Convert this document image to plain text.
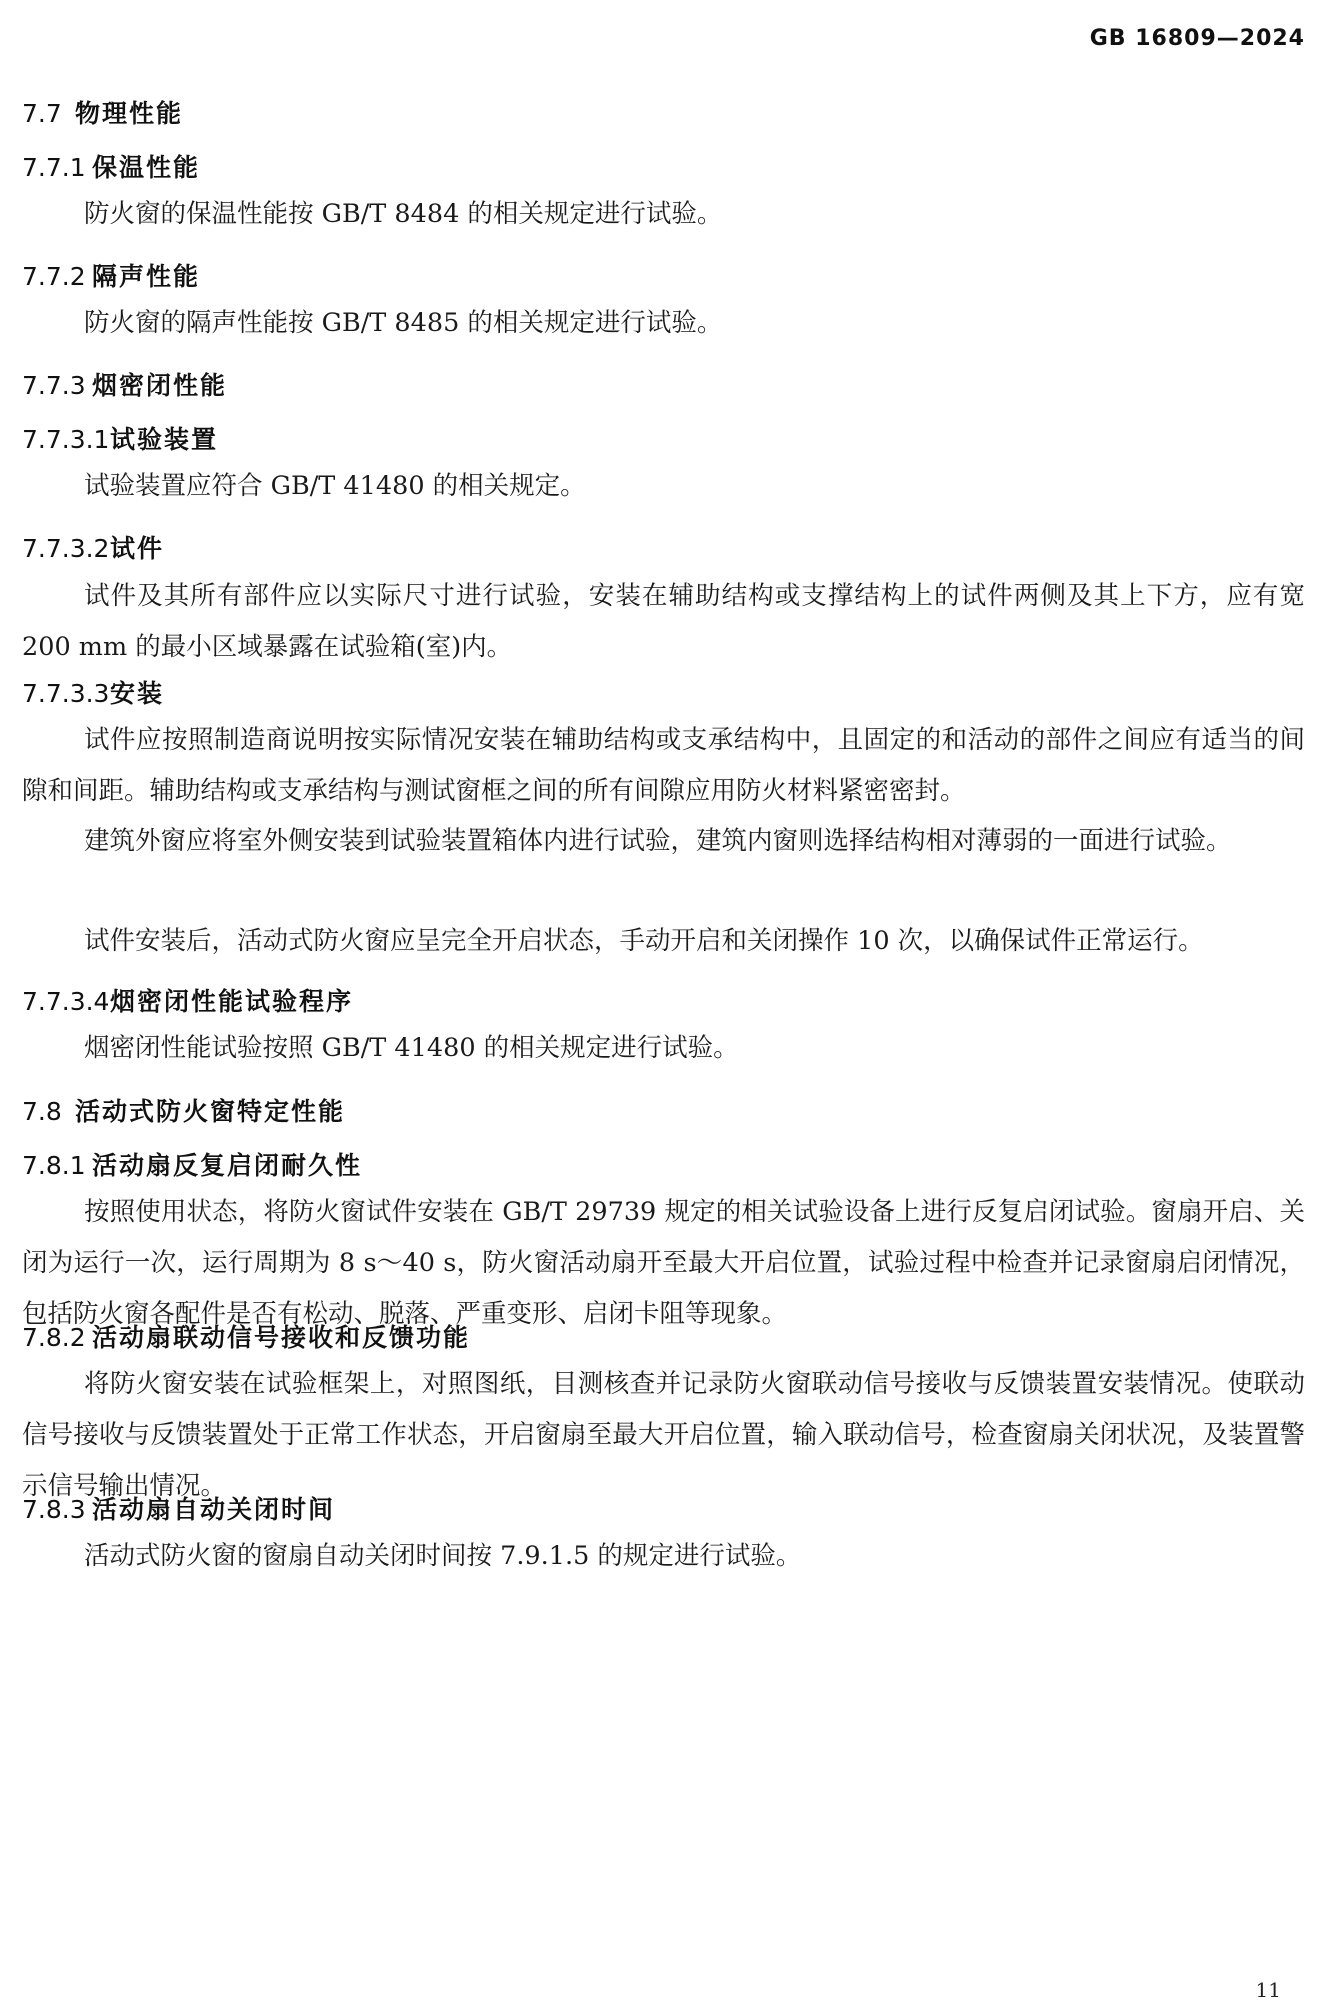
GB 16809—2024
7.7 物理性能
7.7.1 保温性能

防火窗的保温性能按 GB/T 8484 的相关规定进行试验。

7.7.2 隔声性能

防火窗的隔声性能按 GB/T 8485 的相关规定进行试验。

7.7.3 烟密闭性能
7.7.3.1试验装置

试验装置应符合 GB/T 41480 的相关规定。

7.7.3.2试件

试件及其所有部件应以实际尺寸进行试验，安装在辅助结构或支撑结构上的试件两侧及其上下方，应有宽 200 mm 的最小区域暴露在试验箱(室)内。

7.7.3.3安装

试件应按照制造商说明按实际情况安装在辅助结构或支承结构中，且固定的和活动的部件之间应有适当的间隙和间距。辅助结构或支承结构与测试窗框之间的所有间隙应用防火材料紧密密封。

建筑外窗应将室外侧安装到试验装置箱体内进行试验，建筑内窗则选择结构相对薄弱的一面进行试验。

试件安装后，活动式防火窗应呈完全开启状态，手动开启和关闭操作 10 次，以确保试件正常运行。

7.7.3.4烟密闭性能试验程序

烟密闭性能试验按照 GB/T 41480 的相关规定进行试验。

7.8 活动式防火窗特定性能
7.8.1 活动扇反复启闭耐久性

按照使用状态，将防火窗试件安装在 GB/T 29739 规定的相关试验设备上进行反复启闭试验。窗扇开启、关闭为运行一次，运行周期为 8 s～40 s，防火窗活动扇开至最大开启位置，试验过程中检查并记录窗扇启闭情况，包括防火窗各配件是否有松动、脱落、严重变形、启闭卡阻等现象。

7.8.2 活动扇联动信号接收和反馈功能

将防火窗安装在试验框架上，对照图纸，目测核查并记录防火窗联动信号接收与反馈装置安装情况。使联动信号接收与反馈装置处于正常工作状态，开启窗扇至最大开启位置，输入联动信号，检查窗扇关闭状况，及装置警示信号输出情况。

7.8.3 活动扇自动关闭时间

活动式防火窗的窗扇自动关闭时间按 7.9.1.5 的规定进行试验。

11
